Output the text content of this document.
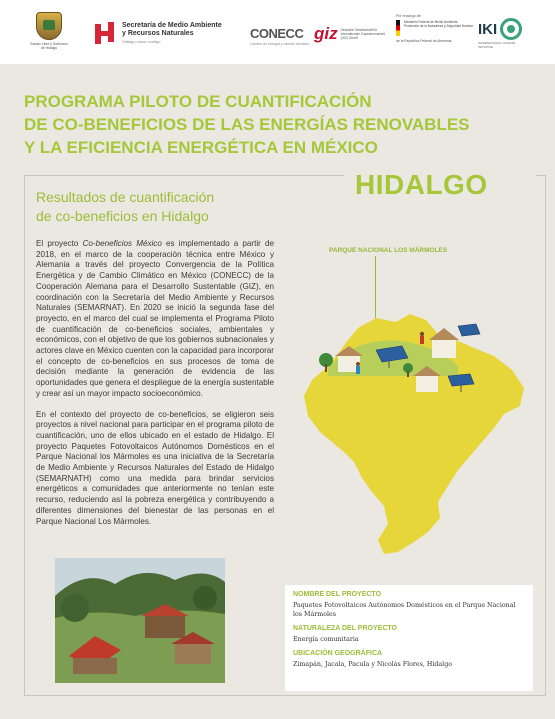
Estado Libre y Soberano de Hidalgo
Secretaría de Medio Ambiente
y Recursos Naturales
Hidalgo crece contigo
CONECC
Cambio de energía y cambio climático
giz Deutsche Gesellschaft für Internationale Zusammenarbeit (GIZ) GmbH
Por encargo de:
Ministerio Federal de Medio Ambiente, Protección de la Naturaleza y Seguridad Nuclear
de la República Federal de Alemania
IKI
INTERNATIONAL CLIMATE INITIATIVE
PROGRAMA PILOTO DE CUANTIFICACIÓN
DE CO-BENEFICIOS DE LAS ENERGÍAS RENOVABLES
Y LA EFICIENCIA ENERGÉTICA EN MÉXICO
HIDALGO
Resultados de cuantificación
de co-beneficios en Hidalgo

El proyecto Co-beneficios México es implementado a partir de 2018, en el marco de la cooperación técnica entre México y Alemania a través del proyecto Convergencia de la Política Energética y de Cambio Climático en México (CONECC) de la Cooperación Alemana para el Desarrollo Sustentable (GIZ), en coordinación con la Secretaría del Medio Ambiente y Recursos Naturales (SEMARNAT). En 2020 se inició la segunda fase del proyecto, en el marco del cual se implementa el Programa Piloto de cuantificación de co-beneficios sociales, ambientales y económicos, con el objetivo de que los gobiernos subnacionales y actores clave en México cuenten con la capacidad para incorporar el concepto de co-beneficios en sus procesos de toma de decisión mediante la generación de evidencia de las oportunidades que genera el despliegue de la energía sustentable y crear así un mayor impacto socioeconómico.

En el contexto del proyecto de co-beneficios, se eligieron seis proyectos a nivel nacional para participar en el programa piloto de cuantificación, uno de ellos ubicado en el estado de Hidalgo. El proyecto Paquetes Fotovoltaicos Autónomos Domésticos en el Parque Nacional los Mármoles es una iniciativa de la Secretaría de Medio Ambiente y Recursos Naturales del Estado de Hidalgo (SEMARNATH) como una medida para brindar servicios energéticos a comunidades que anteriormente no tenían este recurso, reduciendo así la pobreza energética y contribuyendo a diferentes dimensiones del bienestar de las personas en el Parque Nacional Los Mármoles.

PARQUE NACIONAL LOS MÁRMOLES
NOMBRE DEL PROYECTO
Paquetes Fotovoltaicos Autónomos Domésticos en el Parque Nacional los Mármoles
NATURALEZA DEL PROYECTO
Energía comunitaria
UBICACIÓN GEOGRÁFICA
Zimapán, Jacala, Pacula y Nicolás Flores, Hidalgo
